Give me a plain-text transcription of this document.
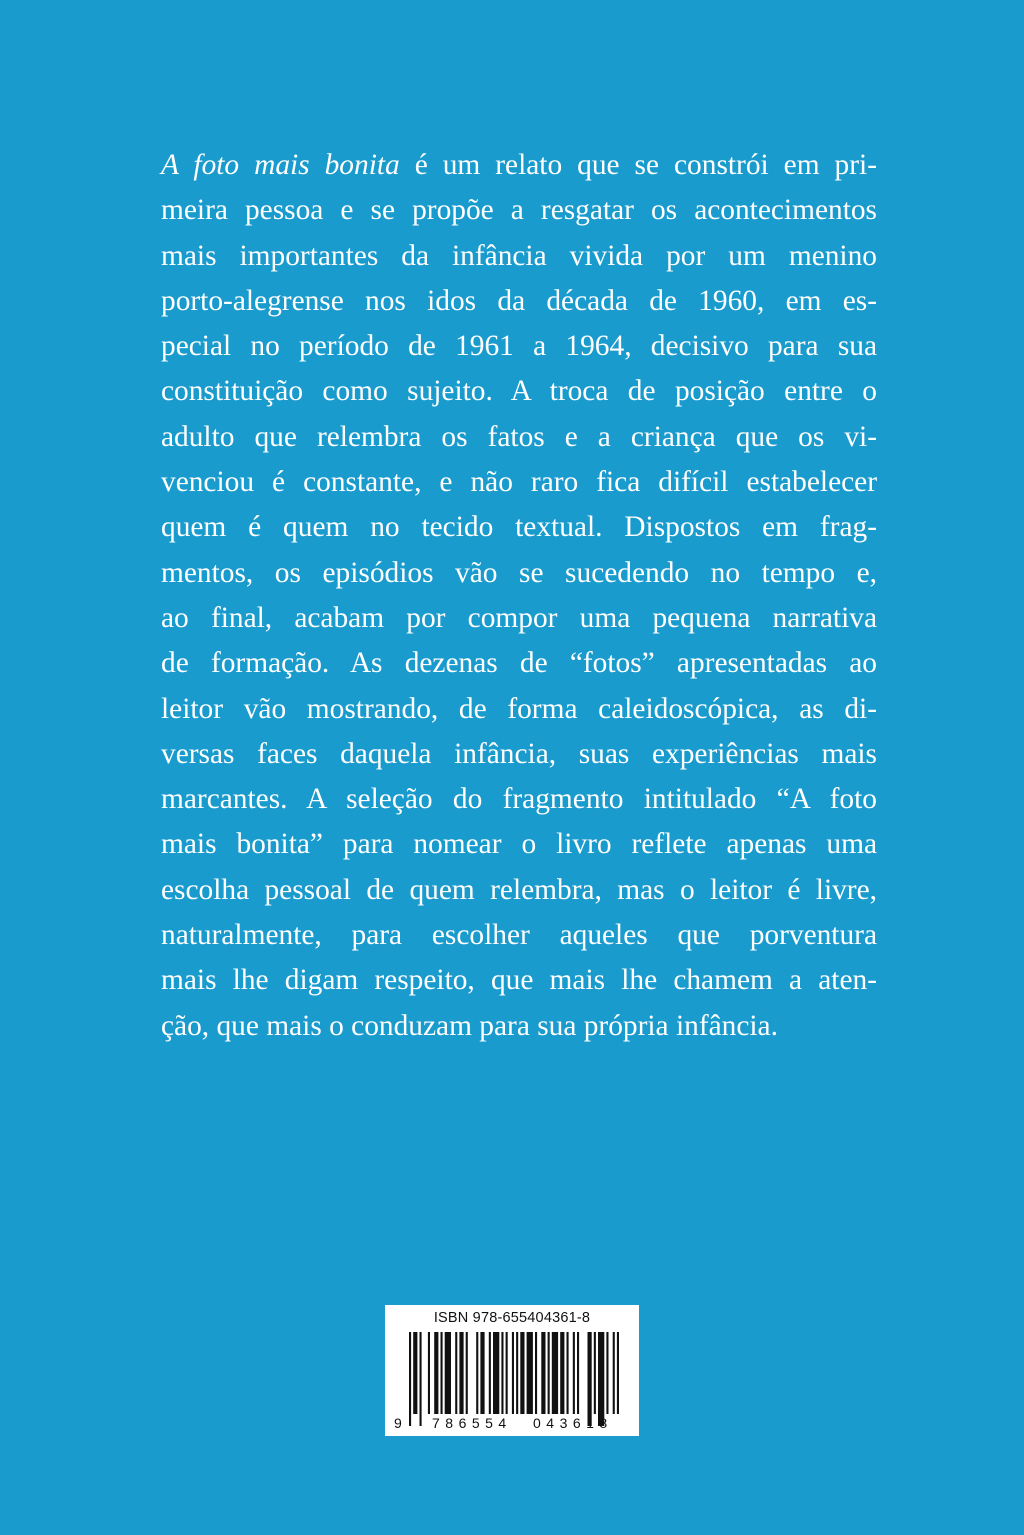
A foto mais bonita é um relato que se constrói em pri-
meira pessoa e se propõe a resgatar os acontecimentos
mais importantes da infância vivida por um menino
porto-alegrense nos idos da década de 1960, em es-
pecial no período de 1961 a 1964, decisivo para sua
constituição como sujeito. A troca de posição entre o
adulto que relembra os fatos e a criança que os vi-
venciou é constante, e não raro fica difícil estabelecer
quem é quem no tecido textual. Dispostos em frag-
mentos, os episódios vão se sucedendo no tempo e,
ao final, acabam por compor uma pequena narrativa
de formação. As dezenas de “fotos” apresentadas ao
leitor vão mostrando, de forma caleidoscópica, as di-
versas faces daquela infância, suas experiências mais
marcantes. A seleção do fragmento intitulado “A foto
mais bonita” para nomear o livro reflete apenas uma
escolha pessoal de quem relembra, mas o leitor é livre,
naturalmente, para escolher aqueles que porventura
mais lhe digam respeito, que mais lhe chamem a aten-
ção, que mais o conduzam para sua própria infância.
ISBN 978-655404361-8
9 786554 043618
